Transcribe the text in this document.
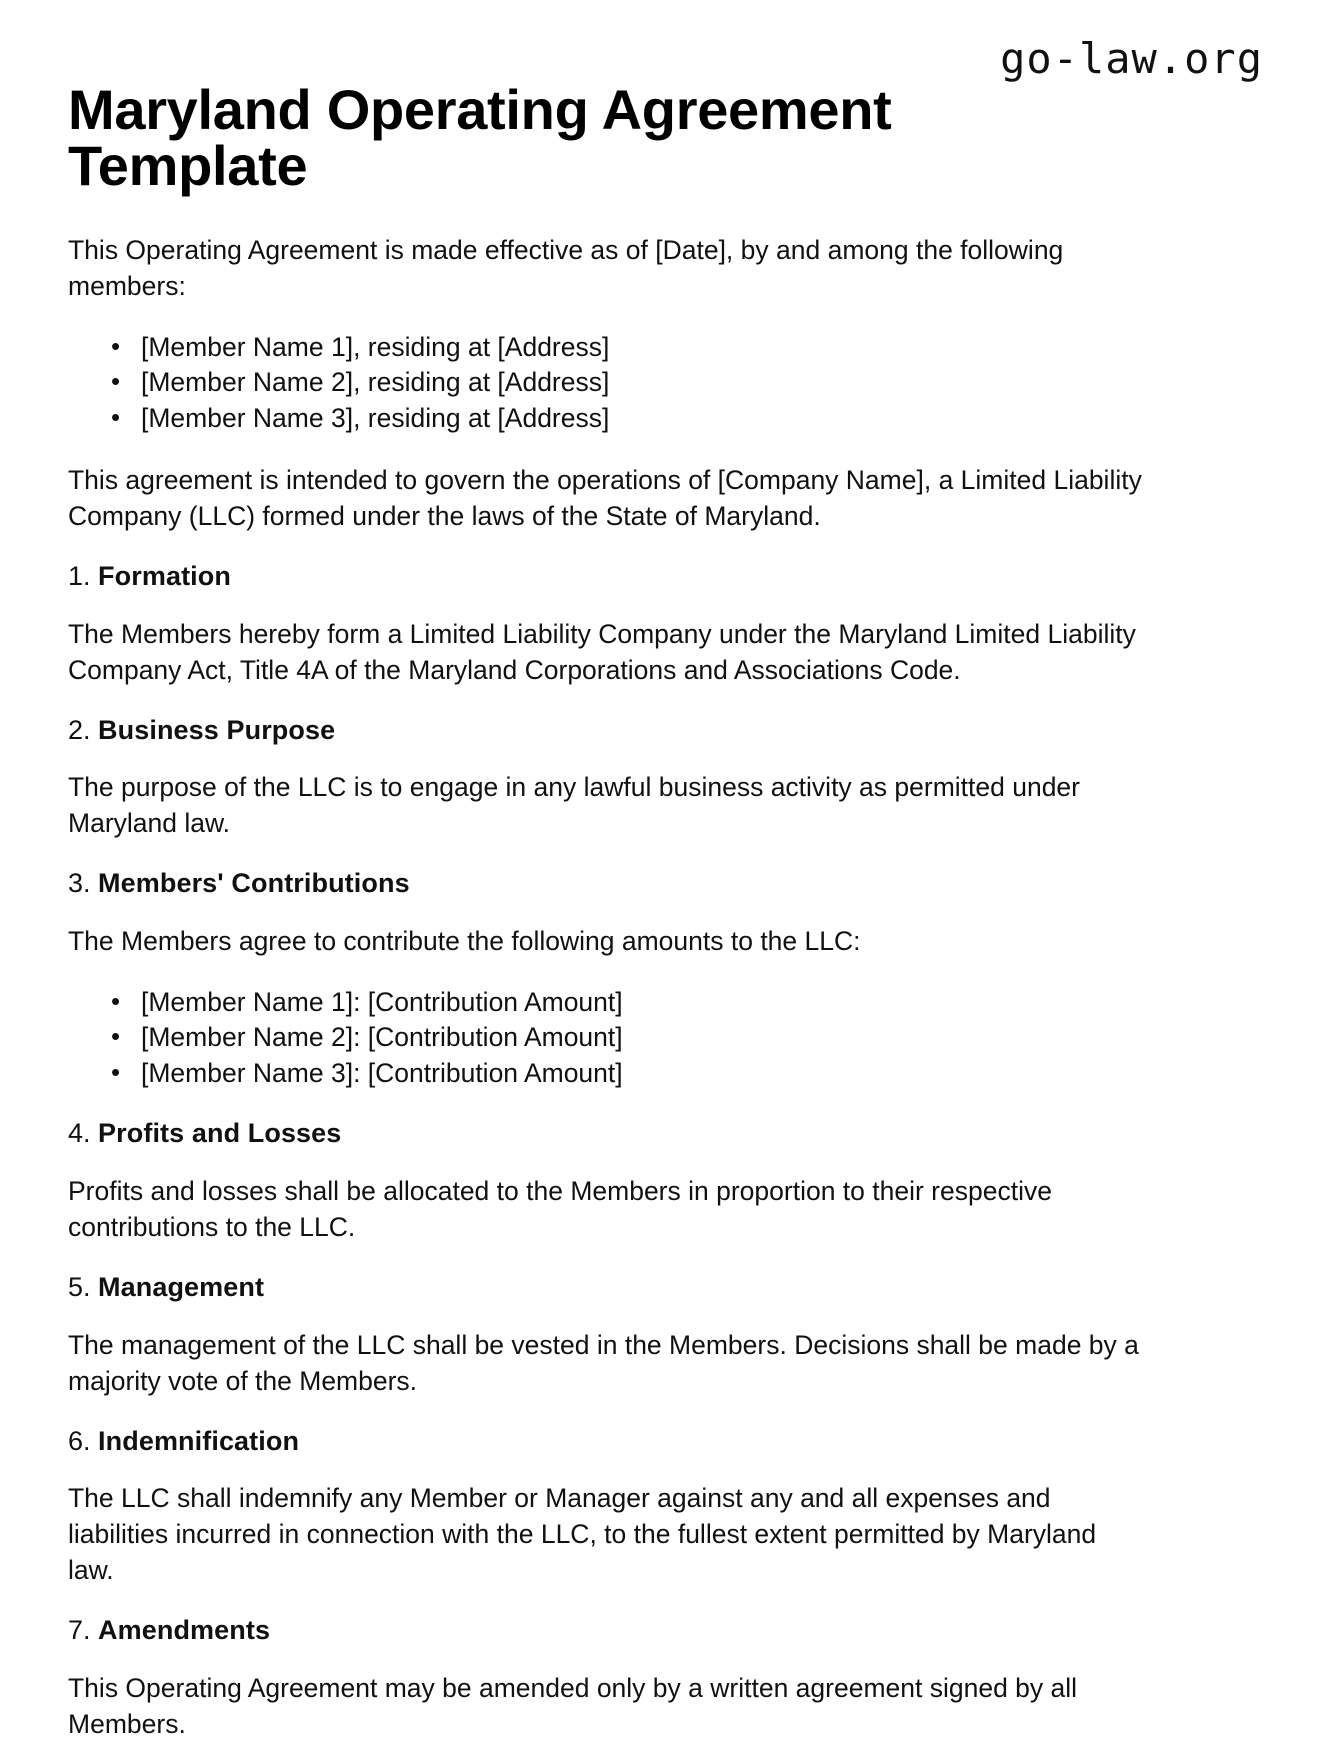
go-law.org
Maryland Operating Agreement Template

This Operating Agreement is made effective as of [Date], by and among the following members:

• [Member Name 1], residing at [Address]
• [Member Name 2], residing at [Address]
• [Member Name 3], residing at [Address]

This agreement is intended to govern the operations of [Company Name], a Limited Liability Company (LLC) formed under the laws of the State of Maryland.

1. Formation

The Members hereby form a Limited Liability Company under the Maryland Limited Liability Company Act, Title 4A of the Maryland Corporations and Associations Code.

2. Business Purpose

The purpose of the LLC is to engage in any lawful business activity as permitted under Maryland law.

3. Members' Contributions

The Members agree to contribute the following amounts to the LLC:

• [Member Name 1]: [Contribution Amount]
• [Member Name 2]: [Contribution Amount]
• [Member Name 3]: [Contribution Amount]
4. Profits and Losses

Profits and losses shall be allocated to the Members in proportion to their respective contributions to the LLC.

5. Management

The management of the LLC shall be vested in the Members. Decisions shall be made by a majority vote of the Members.

6. Indemnification

The LLC shall indemnify any Member or Manager against any and all expenses and liabilities incurred in connection with the LLC, to the fullest extent permitted by Maryland law.

7. Amendments

This Operating Agreement may be amended only by a written agreement signed by all Members.
